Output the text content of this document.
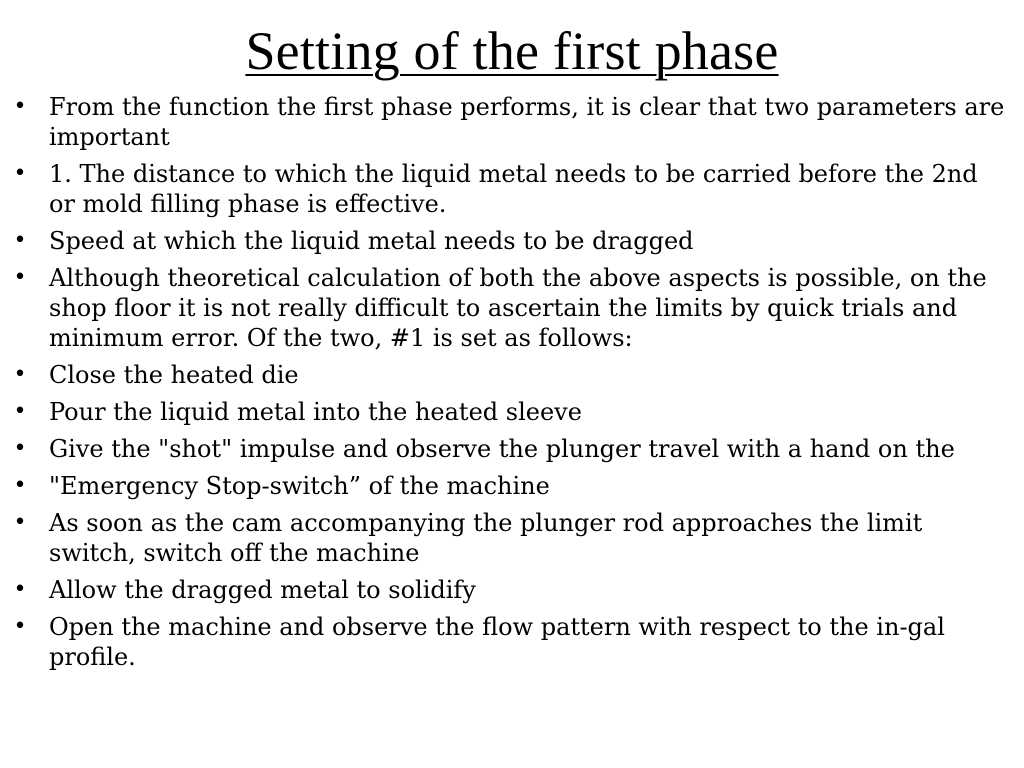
Setting of the first phase
• From the function the first phase performs, it is clear that two parameters are important
• 1. The distance to which the liquid metal needs to be carried before the 2nd or mold filling phase is effective.
• Speed at which the liquid metal needs to be dragged
• Although theoretical calculation of both the above aspects is possible, on the shop floor it is not really difficult to ascertain the limits by quick trials and minimum error. Of the two, #1 is set as follows:
• Close the heated die
• Pour the liquid metal into the heated sleeve
• Give the "shot" impulse and observe the plunger travel with a hand on the
• "Emergency Stop-switch” of the machine
• As soon as the cam accompanying the plunger rod approaches the limit switch, switch off the machine
• Allow the dragged metal to solidify
• Open the machine and observe the flow pattern with respect to the in-gal profile.
